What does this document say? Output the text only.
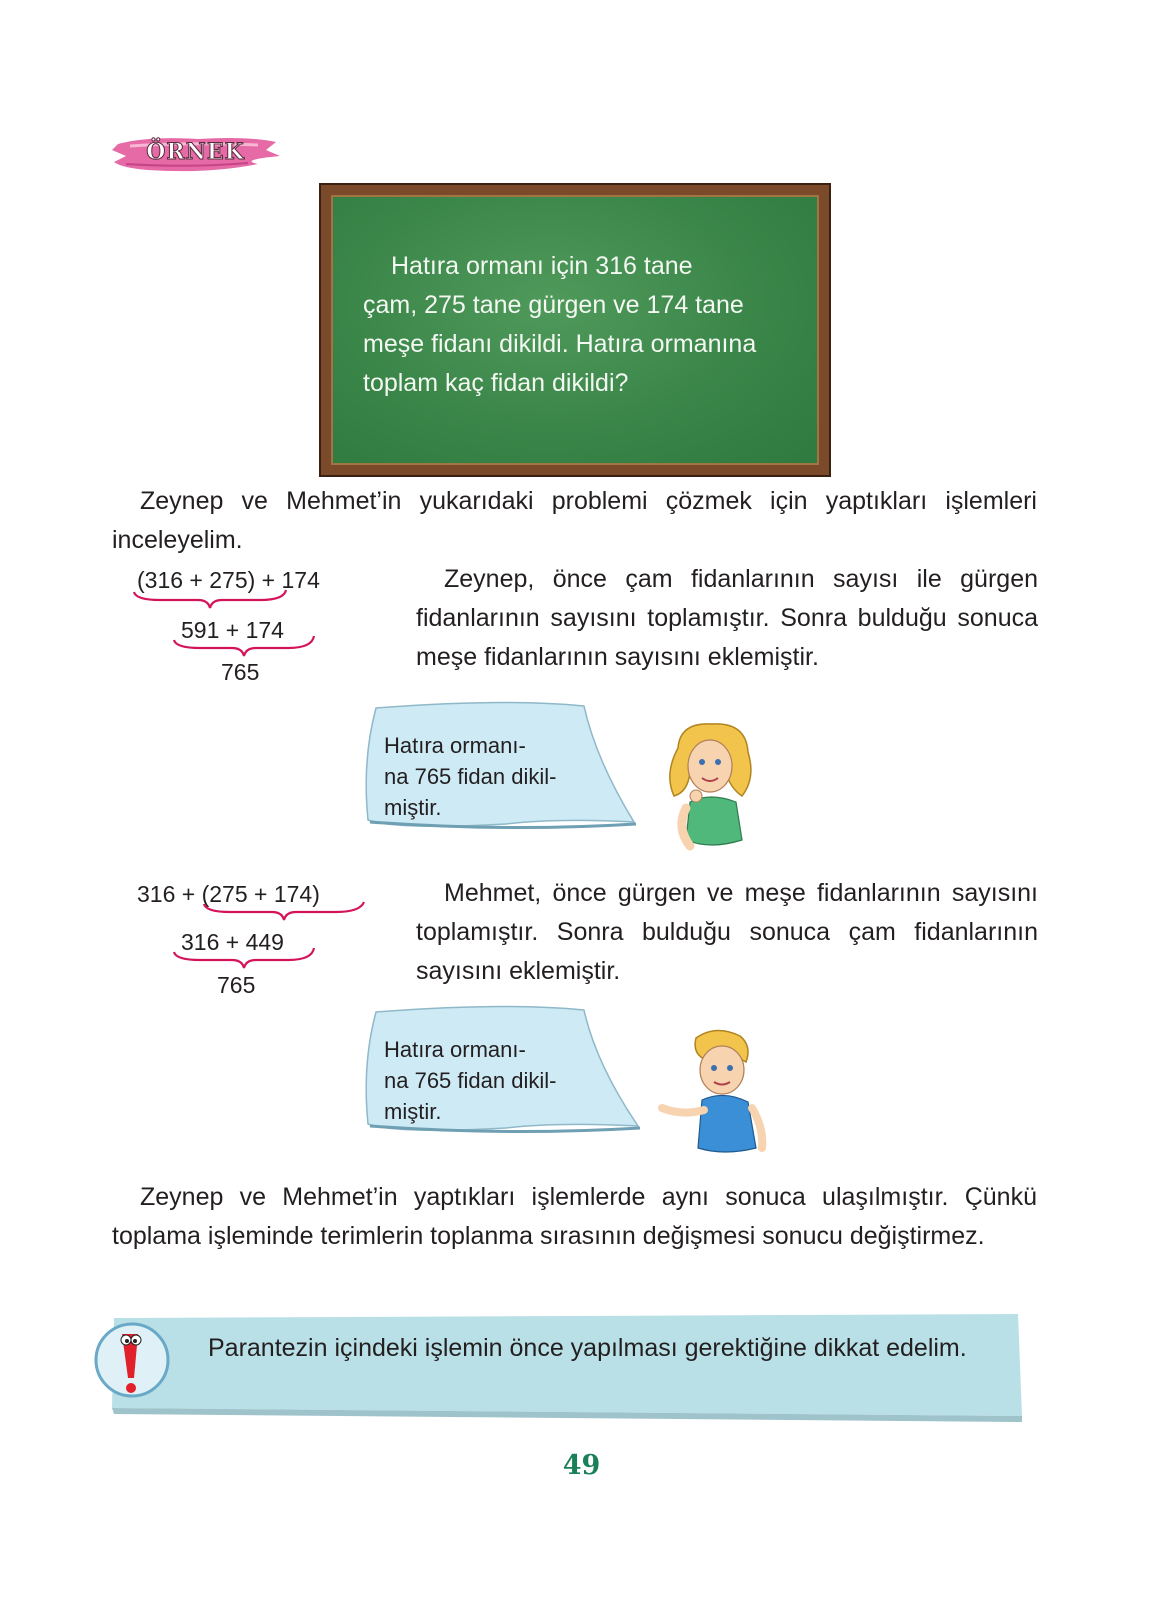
ÖRNEK
Hatıra ormanı için 316 tane
çam, 275 tane gürgen ve 174 tane
meşe fidanı dikildi. Hatıra ormanına
toplam kaç fidan dikildi?
Zeynep ve Mehmet’in yukarıdaki problemi çözmek için yaptıkları işlemleri inceleyelim.
(316 + 275) + 174
591 + 174
765
Zeynep, önce çam fidanlarının sayısı ile gürgen fidanlarının sayısını toplamıştır. Sonra bulduğu sonuca meşe fidanlarının sayısını eklemiştir.
Hatıra ormanı-
na 765 fidan dikil-
miştir.
316 + (275 + 174)
316 + 449
765
Mehmet, önce gürgen ve meşe fidanlarının sayısını toplamıştır. Sonra bulduğu sonuca çam fidanlarının sayısını eklemiştir.
Hatıra ormanı-
na 765 fidan dikil-
miştir.
Zeynep ve Mehmet’in yaptıkları işlemlerde aynı sonuca ulaşılmıştır. Çünkü toplama işleminde terimlerin toplanma sırasının değişmesi sonucu değiştirmez.
Parantezin içindeki işlemin önce yapılması gerektiğine dikkat edelim.
49
